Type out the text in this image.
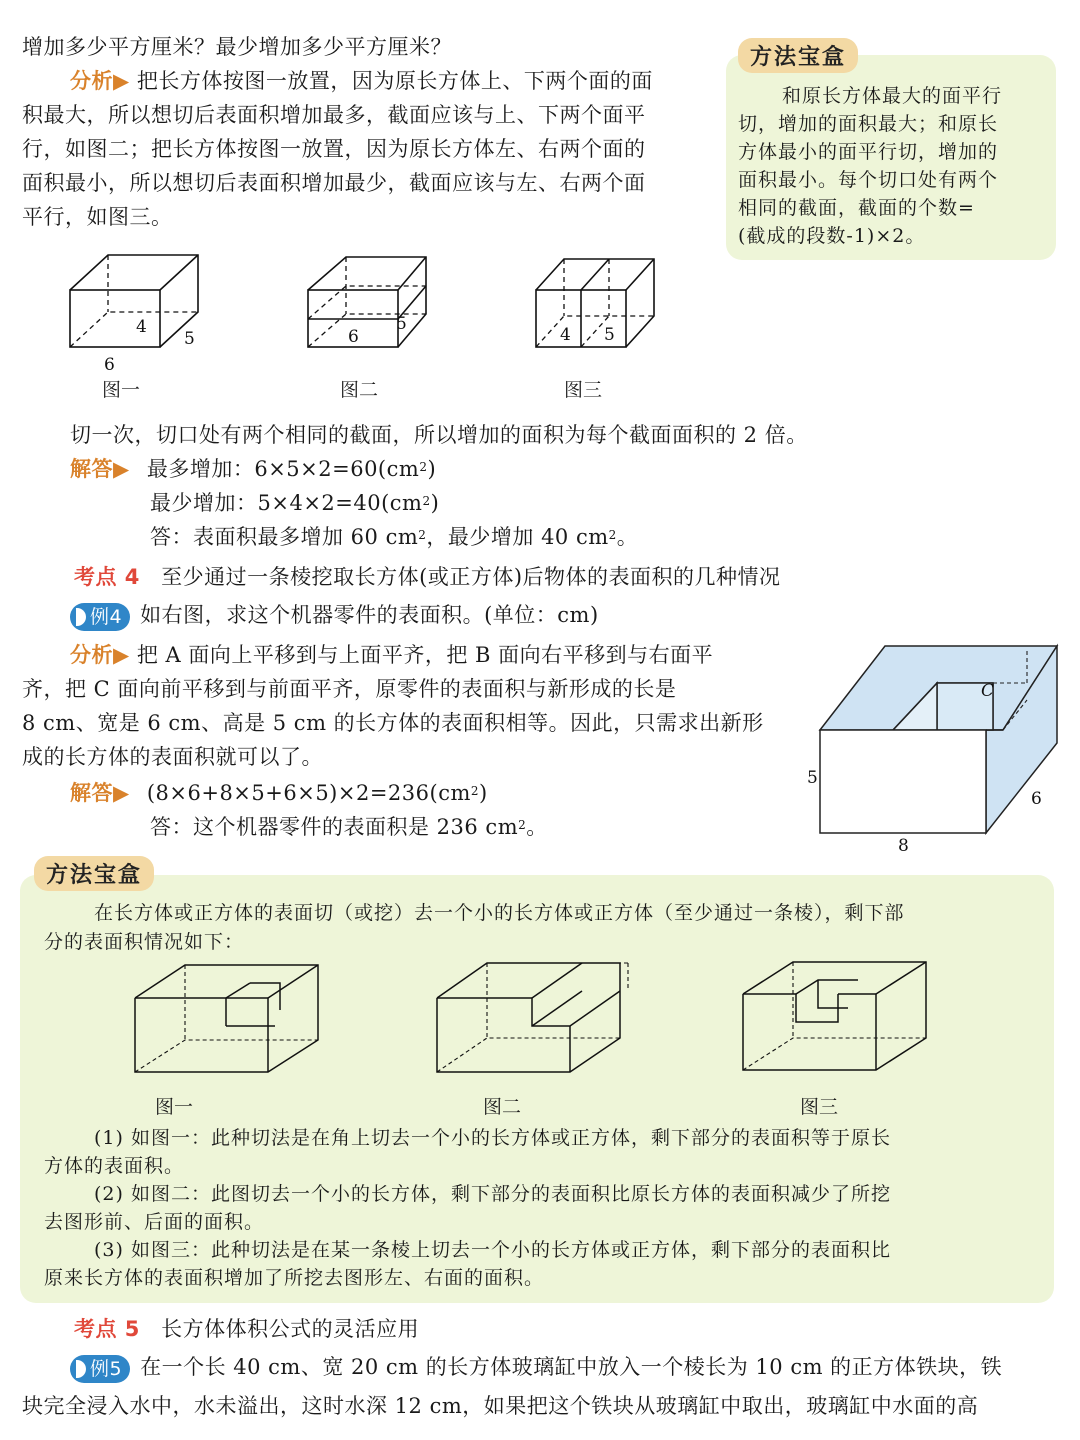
增加多少平方厘米？最少增加多少平方厘米？
分析▶ 把长方体按图一放置，因为原长方体上、下两个面的面
积最大，所以想切后表面积增加最多，截面应该与上、下两个面平
行，如图二；把长方体按图一放置，因为原长方体左、右两个面的
面积最小，所以想切后表面积增加最少，截面应该与左、右两个面
平行，如图三。
方法宝盒
和原长方体最大的面平行
切，增加的面积最大；和原长
方体最小的面平行切，增加的
面积最小。每个切口处有两个
相同的截面，截面的个数=
(截成的段数-1)×2。
4
5
6
图一
6
5
图二
4 5
图三
切一次，切口处有两个相同的截面，所以增加的面积为每个截面面积的 2 倍。
解答▶ 最多增加：$6\times 5\times 2=60(cm^2)$
最少增加：$5\times 4\times 2=40(cm^2)$
答：表面积最多增加 60 $cm^2$，最少增加 40 $cm^2$。
考点 4 至少通过一条棱挖取长方体(或正方体)后物体的表面积的几种情况
例4 如右图，求这个机器零件的表面积。(单位：cm)
分析▶ 把 A 面向上平移到与上面平齐，把 B 面向右平移到与右面平
齐，把 C 面向前平移到与前面平齐，原零件的表面积与新形成的长是
8 cm、宽是 6 cm、高是 5 cm 的长方体的表面积相等。因此，只需求出新形
成的长方体的表面积就可以了。
解答▶ $(8\times 6+8\times 5+6\times 5)\times 2=236(cm^2)$
答：这个机器零件的表面积是 236 $cm^2$。
C
5
6
8
方法宝盒
在长方体或正方体的表面切（或挖）去一个小的长方体或正方体（至少通过一条棱），剩下部
分的表面积情况如下：
图一	图二	图三
(1) 如图一：此种切法是在角上切去一个小的长方体或正方体，剩下部分的表面积等于原长
方体的表面积。
(2) 如图二：此图切去一个小的长方体，剩下部分的表面积比原长方体的表面积减少了所挖
去图形前、后面的面积。
(3) 如图三：此种切法是在某一条棱上切去一个小的长方体或正方体，剩下部分的表面积比
原来长方体的表面积增加了所挖去图形左、右面的面积。
考点 5 长方体体积公式的灵活应用
例5 在一个长 40 cm、宽 20 cm 的长方体玻璃缸中放入一个棱长为 10 cm 的正方体铁块，铁
块完全浸入水中，水未溢出，这时水深 12 cm，如果把这个铁块从玻璃缸中取出，玻璃缸中水面的高
